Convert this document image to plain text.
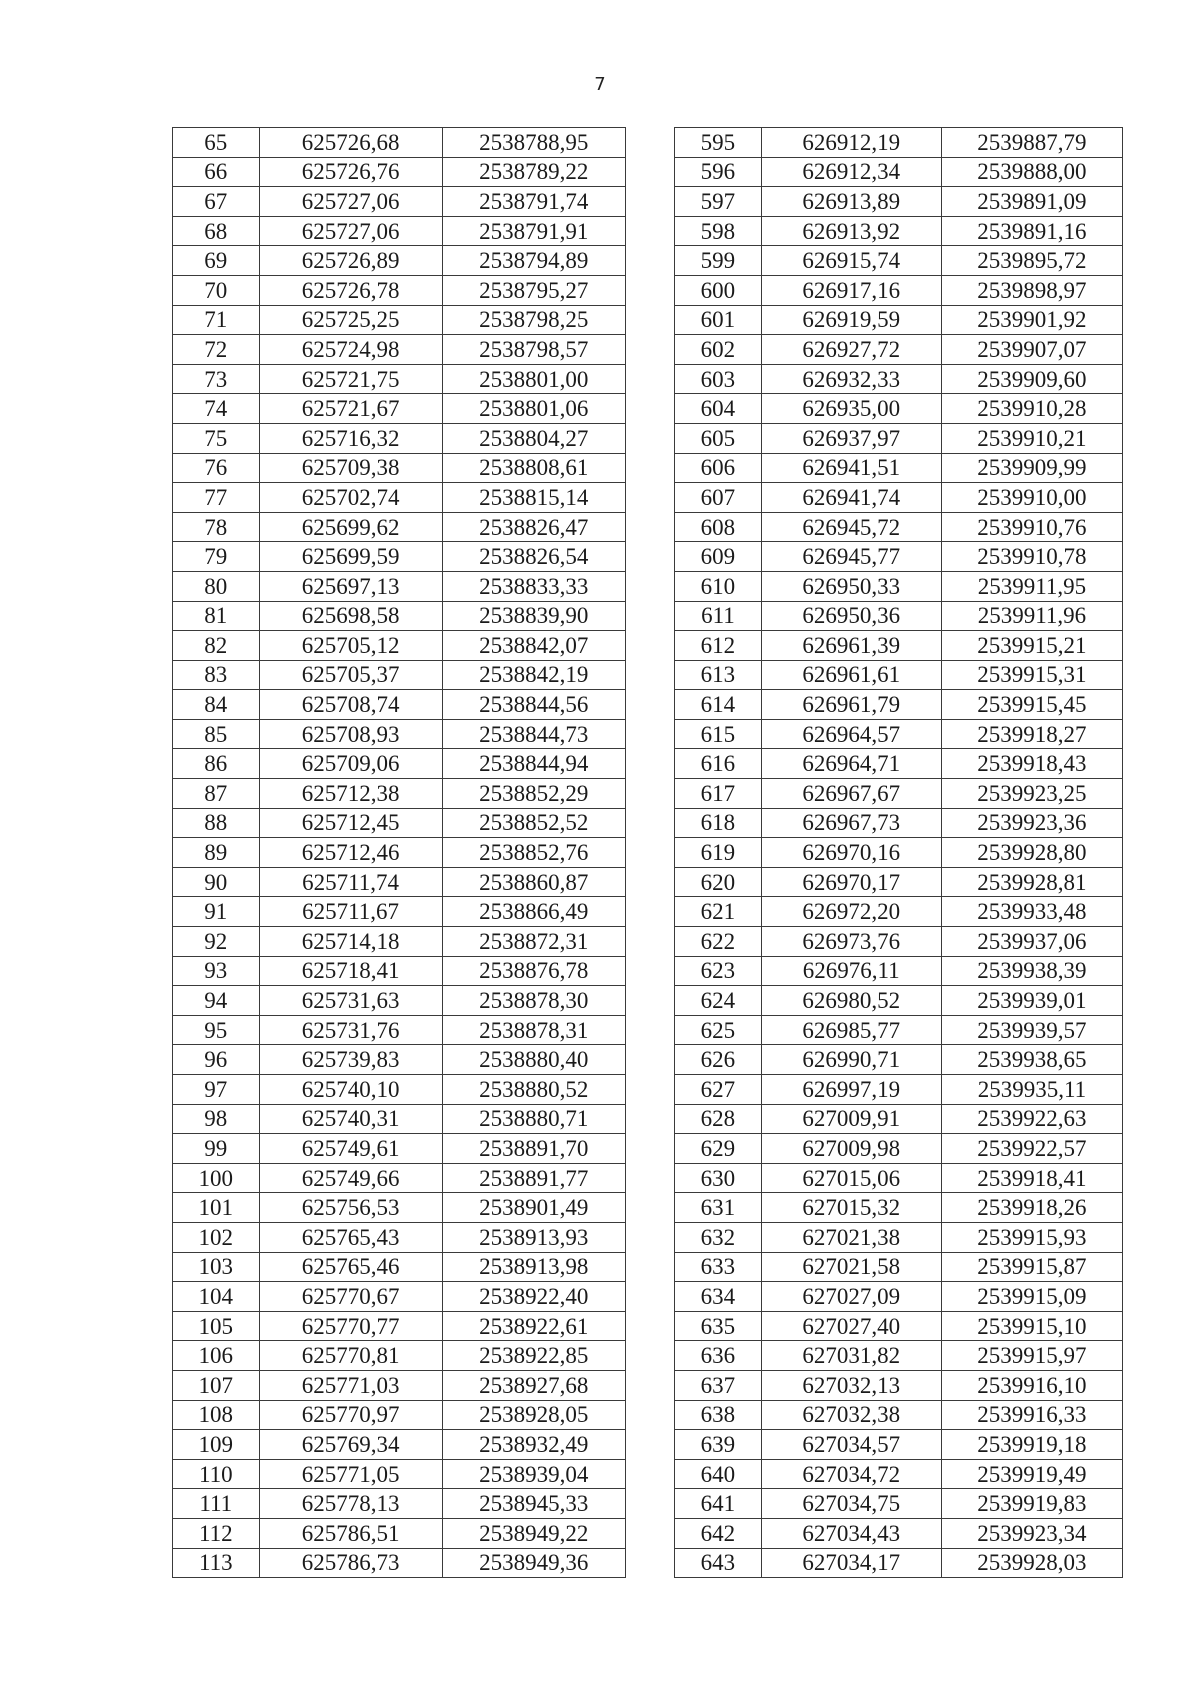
7
65	625726,68	2538788,95		595	626912,19	2539887,79
66	625726,76	2538789,22		596	626912,34	2539888,00
67	625727,06	2538791,74		597	626913,89	2539891,09
68	625727,06	2538791,91		598	626913,92	2539891,16
69	625726,89	2538794,89		599	626915,74	2539895,72
70	625726,78	2538795,27		600	626917,16	2539898,97
71	625725,25	2538798,25		601	626919,59	2539901,92
72	625724,98	2538798,57		602	626927,72	2539907,07
73	625721,75	2538801,00		603	626932,33	2539909,60
74	625721,67	2538801,06		604	626935,00	2539910,28
75	625716,32	2538804,27		605	626937,97	2539910,21
76	625709,38	2538808,61		606	626941,51	2539909,99
77	625702,74	2538815,14		607	626941,74	2539910,00
78	625699,62	2538826,47		608	626945,72	2539910,76
79	625699,59	2538826,54		609	626945,77	2539910,78
80	625697,13	2538833,33		610	626950,33	2539911,95
81	625698,58	2538839,90		611	626950,36	2539911,96
82	625705,12	2538842,07		612	626961,39	2539915,21
83	625705,37	2538842,19		613	626961,61	2539915,31
84	625708,74	2538844,56		614	626961,79	2539915,45
85	625708,93	2538844,73		615	626964,57	2539918,27
86	625709,06	2538844,94		616	626964,71	2539918,43
87	625712,38	2538852,29		617	626967,67	2539923,25
88	625712,45	2538852,52		618	626967,73	2539923,36
89	625712,46	2538852,76		619	626970,16	2539928,80
90	625711,74	2538860,87		620	626970,17	2539928,81
91	625711,67	2538866,49		621	626972,20	2539933,48
92	625714,18	2538872,31		622	626973,76	2539937,06
93	625718,41	2538876,78		623	626976,11	2539938,39
94	625731,63	2538878,30		624	626980,52	2539939,01
95	625731,76	2538878,31		625	626985,77	2539939,57
96	625739,83	2538880,40		626	626990,71	2539938,65
97	625740,10	2538880,52		627	626997,19	2539935,11
98	625740,31	2538880,71		628	627009,91	2539922,63
99	625749,61	2538891,70		629	627009,98	2539922,57
100	625749,66	2538891,77		630	627015,06	2539918,41
101	625756,53	2538901,49		631	627015,32	2539918,26
102	625765,43	2538913,93		632	627021,38	2539915,93
103	625765,46	2538913,98		633	627021,58	2539915,87
104	625770,67	2538922,40		634	627027,09	2539915,09
105	625770,77	2538922,61		635	627027,40	2539915,10
106	625770,81	2538922,85		636	627031,82	2539915,97
107	625771,03	2538927,68		637	627032,13	2539916,10
108	625770,97	2538928,05		638	627032,38	2539916,33
109	625769,34	2538932,49		639	627034,57	2539919,18
110	625771,05	2538939,04		640	627034,72	2539919,49
111	625778,13	2538945,33		641	627034,75	2539919,83
112	625786,51	2538949,22		642	627034,43	2539923,34
113	625786,73	2538949,36		643	627034,17	2539928,03
